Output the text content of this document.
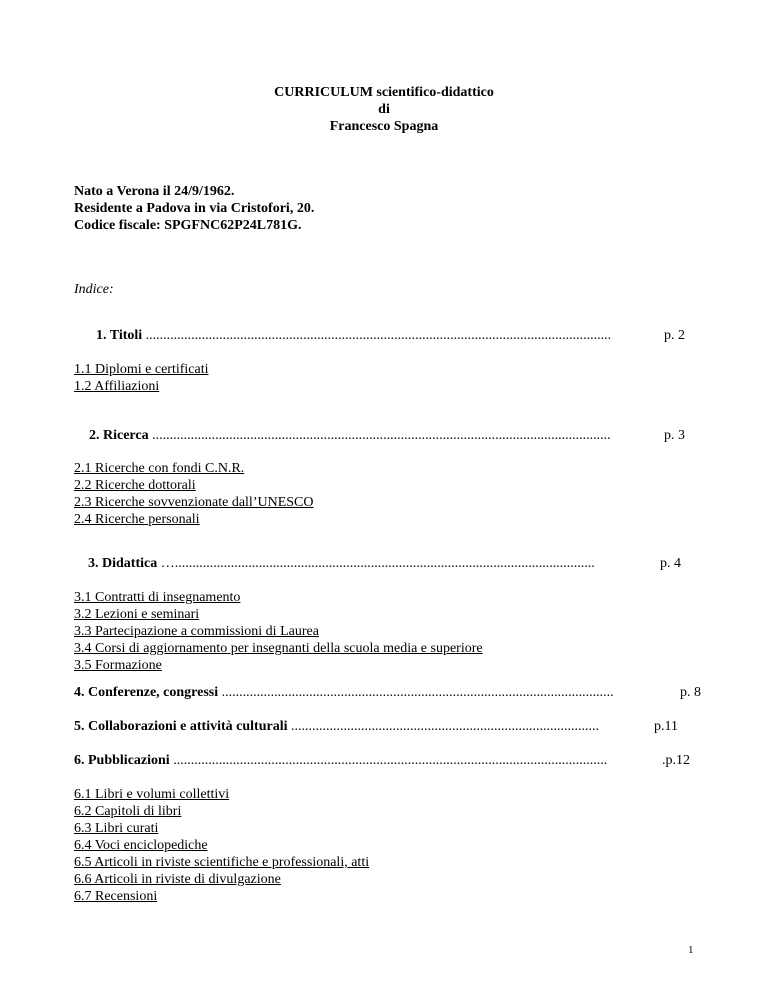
CURRICULUM scientifico-didattico
di
Francesco Spagna
Nato a Verona il 24/9/1962.
Residente a Padova in via Cristofori, 20.
Codice fiscale: SPGFNC62P24L781G.
Indice:
1. Titoli .....................................................................................................................................	p. 2
1.1 Diplomi e certificati
1.2 Affiliazioni
2. Ricerca ...................................................................................................................................	p. 3
2.1 Ricerche con fondi C.N.R.
2.2 Ricerche dottorali
2.3 Ricerche sovvenzionate dall’UNESCO
2.4 Ricerche personali
3. Didattica …........................................................................................................................	p. 4
3.1 Contratti di insegnamento
3.2 Lezioni e seminari
3.3 Partecipazione a commissioni di Laurea
3.4 Corsi di aggiornamento per insegnanti della scuola media e superiore
3.5 Formazione
4. Conferenze, congressi ................................................................................................................	p. 8
5. Collaborazioni e attività culturali ........................................................................................	p.11
6. Pubblicazioni ............................................................................................................................	.p.12
6.1 Libri e volumi collettivi
6.2 Capitoli di libri
6.3 Libri curati
6.4 Voci enciclopediche
6.5 Articoli in riviste scientifiche e professionali, atti
6.6 Articoli in riviste di divulgazione
6.7 Recensioni
1
